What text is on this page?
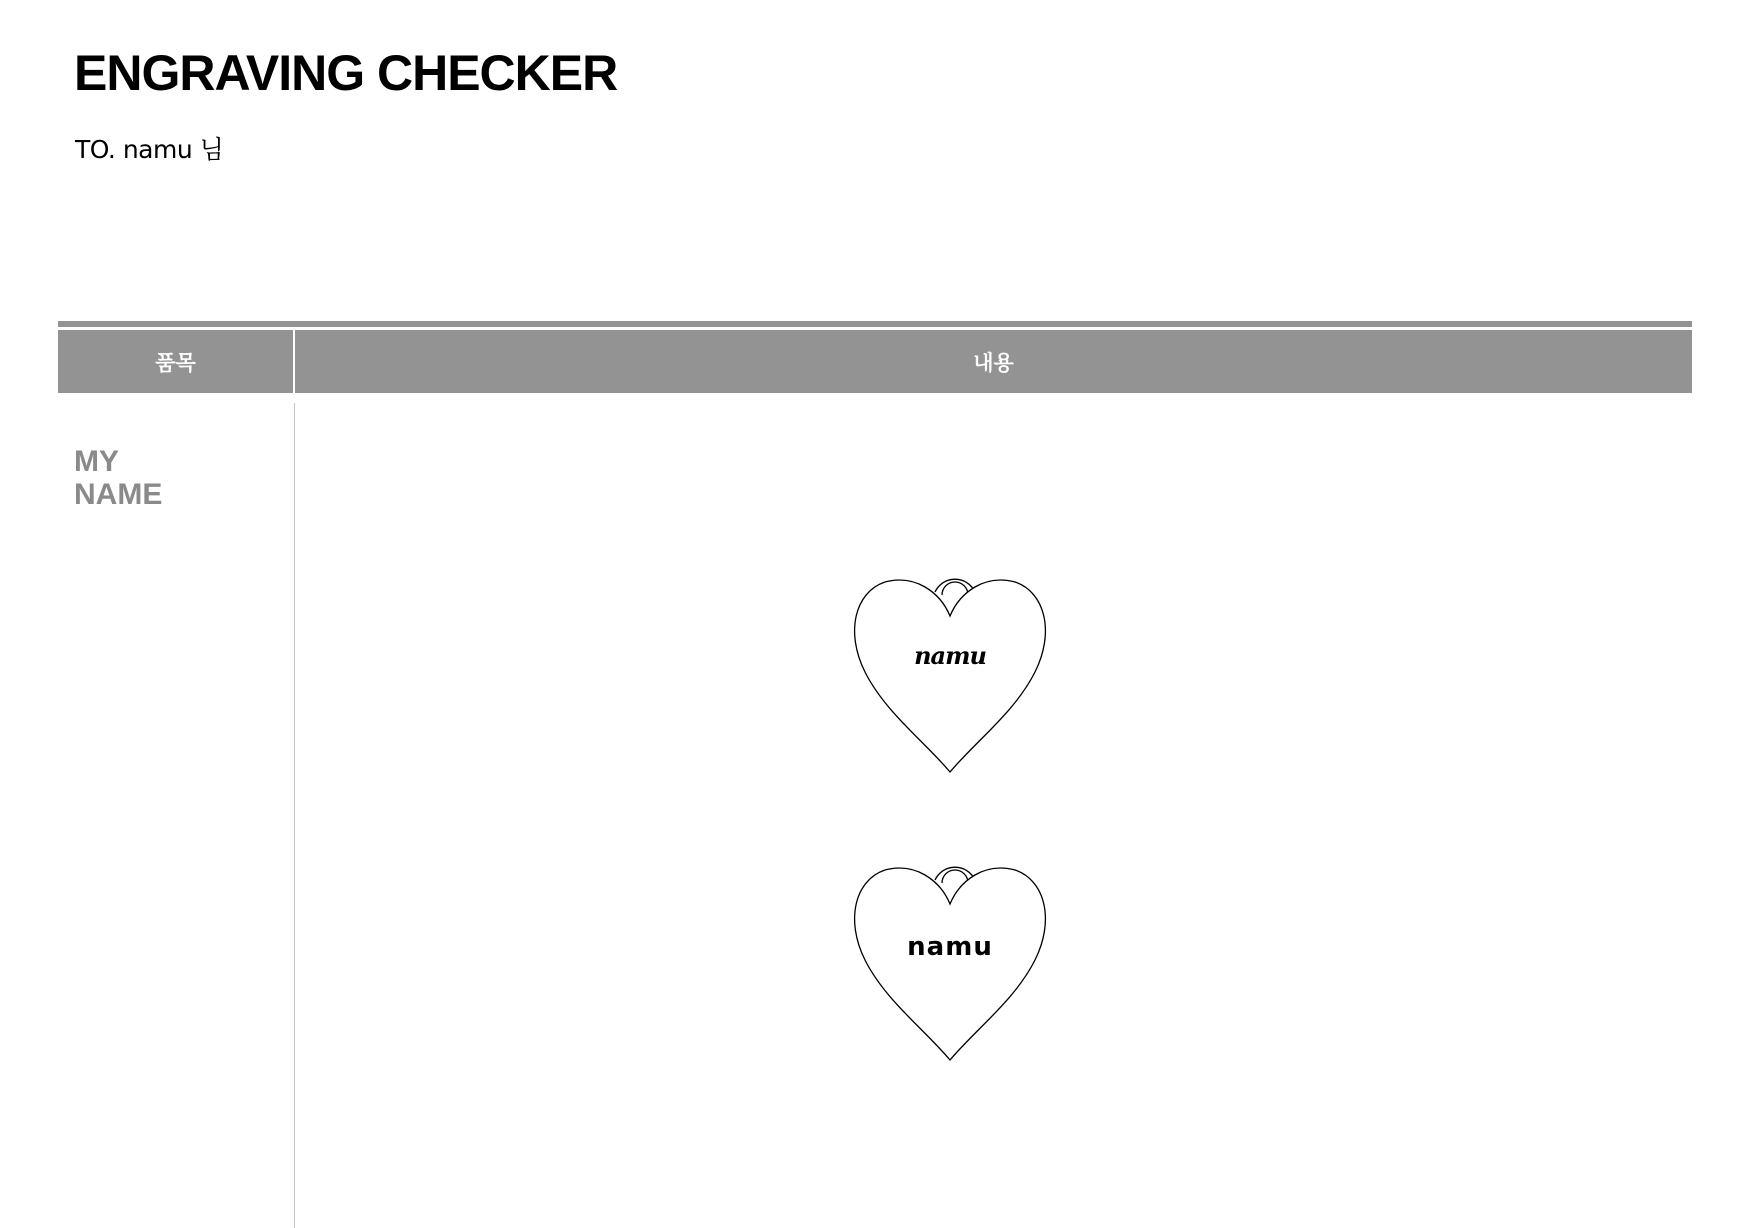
ENGRAVING CHECKER
TO. namu 님
품목	내용
MY
NAME
namu
namu
